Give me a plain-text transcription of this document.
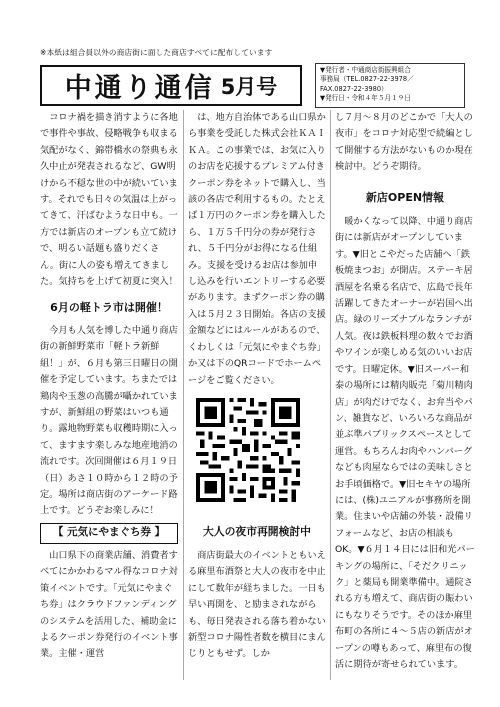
※本紙は組合員以外の商店街に面した商店すべてに配布しています
中通り通信 5月号
▼発行者・中通商店街振興組合
事務局（TEL.0827-22-3978／
FAX.0827-22-3980）
▼発行日・令和４年５月１９日

コロナ禍を描き消すように各地で事件や事故、侵略戦争も収まる気配がなく、錦帯橋水の祭典も永久中止が発表されるなど、GW明けから不穏な世の中が続いています。それでも日々の気温は上がってきて、汗ばむような日中も。一方では新店のオープンも立て続けで、明るい話題も盛りだくさん。街に人の姿も増えてきました。気持ちを上げて初夏に突入！

6月の軽トラ市は開催！

今月も人気を博した中通り商店街の新鮮野菜市「軽トラ新鮮組！」が、６月も第三日曜日の開催を予定しています。ちまたでは鶏肉や玉葱の高騰が囁かれていますが、新鮮組の野菜はいつも通り。露地物野菜も収穫時期に入って、ますます楽しみな地産地消の流れです。次回開催は６月１９日（日）あさ１０時から１２時の予定。場所は商店街のアーケード路上です。どうぞお楽しみに！

【 元気にやまぐち券 】

山口県下の商業店舗、消費者すべてにかかわるマル得なコロナ対策イベントです。「元気にやまぐち券」はクラウドファンディングのシステムを活用した、補助金によるクーポン券発行のイベント事業。主催・運営

は、地方自治体である山口県から事業を受託した株式会社ＫＡＩＫＡ。この事業では、お気に入りのお店を応援するプレミアム付きクーポン券をネットで購入し、当該の各店で利用するもの。たとえば１万円のクーポン券を購入したら、１万５千円分の券が発行され、５千円分がお得になる仕組み。支援を受けるお店は参加申し込みを行いエントリーする必要があります。まずクーポン券の購入は５月２３日開始。各店の支援金額などにはルールがあるので、くわしくは「元気にやまぐち券」か又は下のQRコードでホームページをご覧ください。

大人の夜市再開検討中

商店街最大のイベントともいえる麻里布酒祭と大人の夜市を中止にして数年が経ちました。一日も早い再開を、と励まされながらも、毎日発表される落ち着かない新型コロナ陽性者数を横目にまんじりともせず。しか

し７月～８月のどこかで「大人の夜市」をコロナ対応型で続編として開催する方法がないものか現在検討中。どうぞ期待。

新店OPEN情報

暖かくなって以降、中通り商店街には新店がオープンしています。▼旧とこやだった店舗へ「鉄板焼まつお」が開店。ステーキ居酒屋を名乗る名店で、広島で長年活躍してきたオーナーが岩国へ出店。緑のリーズナブルなランチが人気。夜は鉄板料理の数々でお酒やワインが楽しめる気のいいお店です。日曜定休。▼旧スーパー和泰の場所には精肉販売「菊川精肉店」が肉だけでなく、お弁当やパン、雑貨など、いろいろな商品が並ぶ準パブリックスペースとして運営。もちろんお肉やハンバーグなども肉屋ならではの美味しさとお手頃価格で。▼旧セキヤの場所には、(株)ユニアルが事務所を開業。住まいや店舗の外装・設備リフォームなど、お店の相談もOK。▼６月１４日には旧和光パーキングの場所に、「そだクリニック」と薬局も開業準備中。通院される方も増えて、商店街の賑わいにもなりそうです。そのほか麻里布町の各所に４～５店の新店がオープンの噂もあって、麻里布の復活に期待が寄せられています。
